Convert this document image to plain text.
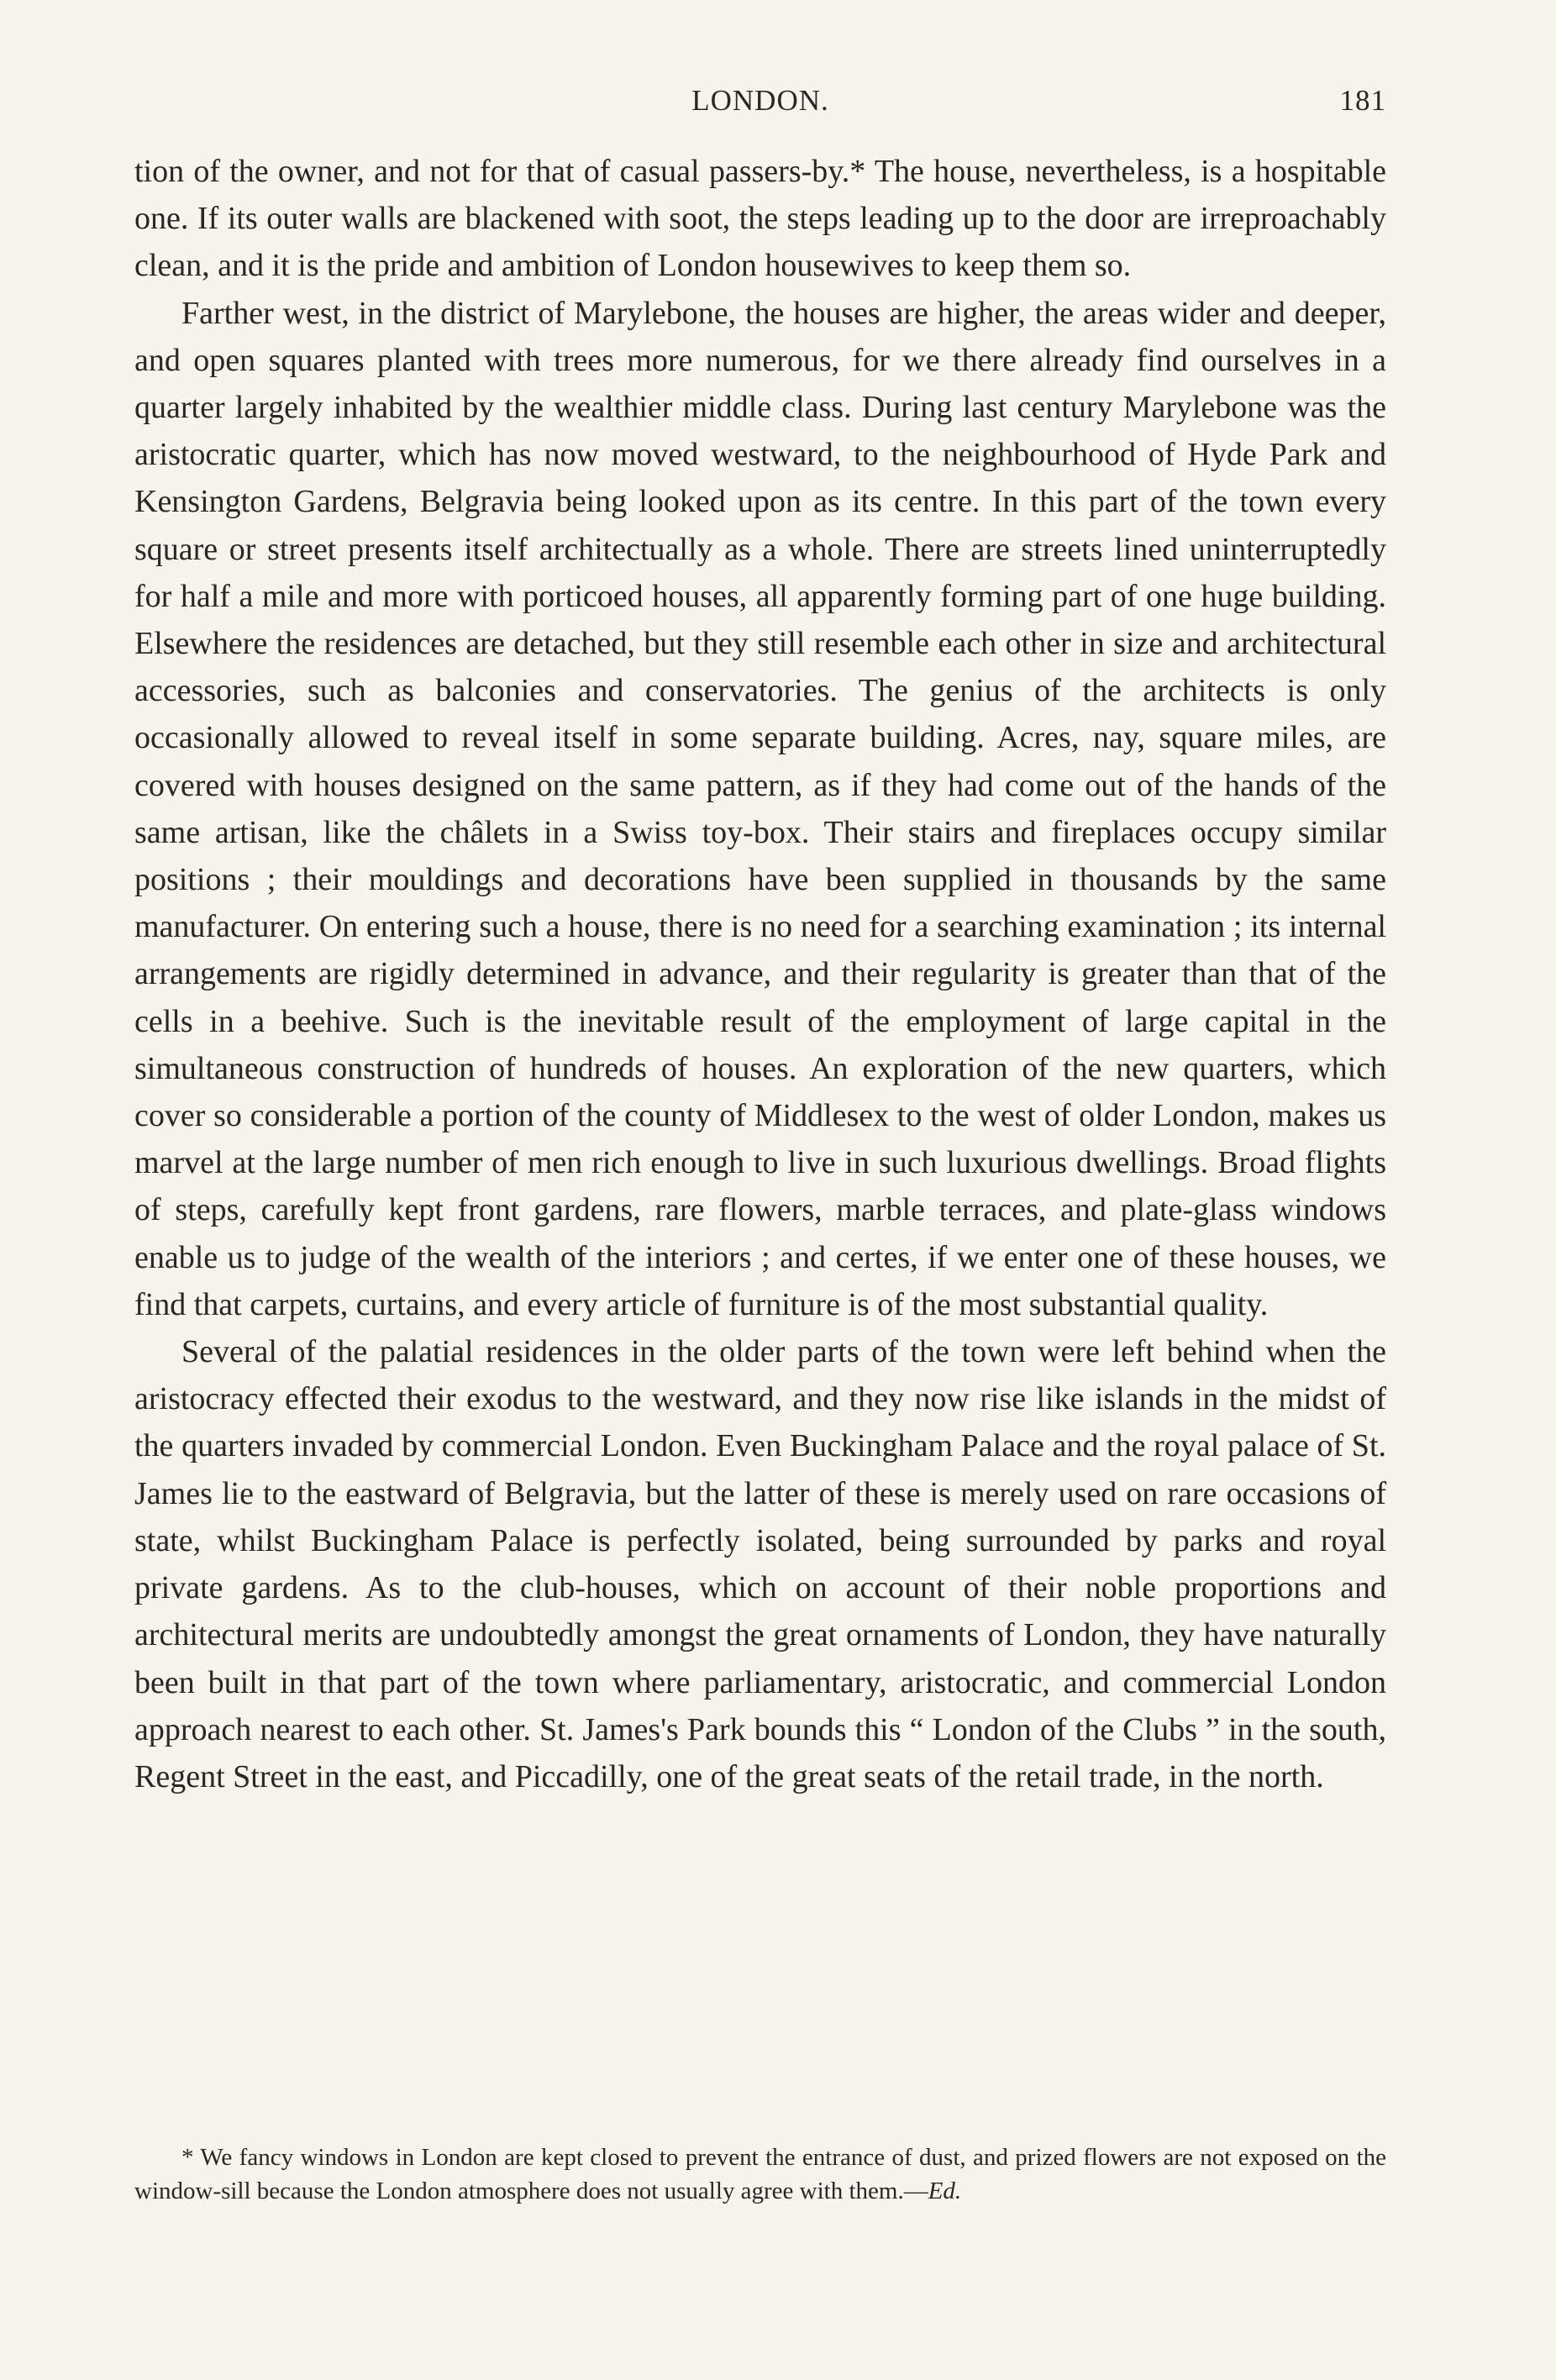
LONDON.	181

tion of the owner, and not for that of casual passers-by.* The house, nevertheless, is a hospitable one. If its outer walls are blackened with soot, the steps leading up to the door are irreproachably clean, and it is the pride and ambition of London housewives to keep them so.

Farther west, in the district of Marylebone, the houses are higher, the areas wider and deeper, and open squares planted with trees more numerous, for we there already find ourselves in a quarter largely inhabited by the wealthier middle class. During last century Marylebone was the aristocratic quarter, which has now moved westward, to the neighbourhood of Hyde Park and Kensington Gardens, Belgravia being looked upon as its centre. In this part of the town every square or street presents itself architectually as a whole. There are streets lined uninterruptedly for half a mile and more with porticoed houses, all apparently forming part of one huge building. Elsewhere the residences are detached, but they still resemble each other in size and architectural accessories, such as balconies and conservatories. The genius of the architects is only occasionally allowed to reveal itself in some separate building. Acres, nay, square miles, are covered with houses designed on the same pattern, as if they had come out of the hands of the same artisan, like the châlets in a Swiss toy-box. Their stairs and fireplaces occupy similar positions ; their mouldings and decorations have been supplied in thousands by the same manufacturer. On entering such a house, there is no need for a searching examination ; its internal arrangements are rigidly determined in advance, and their regularity is greater than that of the cells in a beehive. Such is the inevitable result of the employment of large capital in the simultaneous construction of hundreds of houses. An exploration of the new quarters, which cover so considerable a portion of the county of Middlesex to the west of older London, makes us marvel at the large number of men rich enough to live in such luxurious dwellings. Broad flights of steps, carefully kept front gardens, rare flowers, marble terraces, and plate-glass windows enable us to judge of the wealth of the interiors ; and certes, if we enter one of these houses, we find that carpets, curtains, and every article of furniture is of the most substantial quality.

Several of the palatial residences in the older parts of the town were left behind when the aristocracy effected their exodus to the westward, and they now rise like islands in the midst of the quarters invaded by commercial London. Even Buckingham Palace and the royal palace of St. James lie to the eastward of Belgravia, but the latter of these is merely used on rare occasions of state, whilst Buckingham Palace is perfectly isolated, being surrounded by parks and royal private gardens. As to the club-houses, which on account of their noble proportions and architectural merits are undoubtedly amongst the great ornaments of London, they have naturally been built in that part of the town where parliamentary, aristocratic, and commercial London approach nearest to each other. St. James's Park bounds this “ London of the Clubs ” in the south, Regent Street in the east, and Piccadilly, one of the great seats of the retail trade, in the north.

* We fancy windows in London are kept closed to prevent the entrance of dust, and prized flowers are not exposed on the window-sill because the London atmosphere does not usually agree with them.—Ed.
